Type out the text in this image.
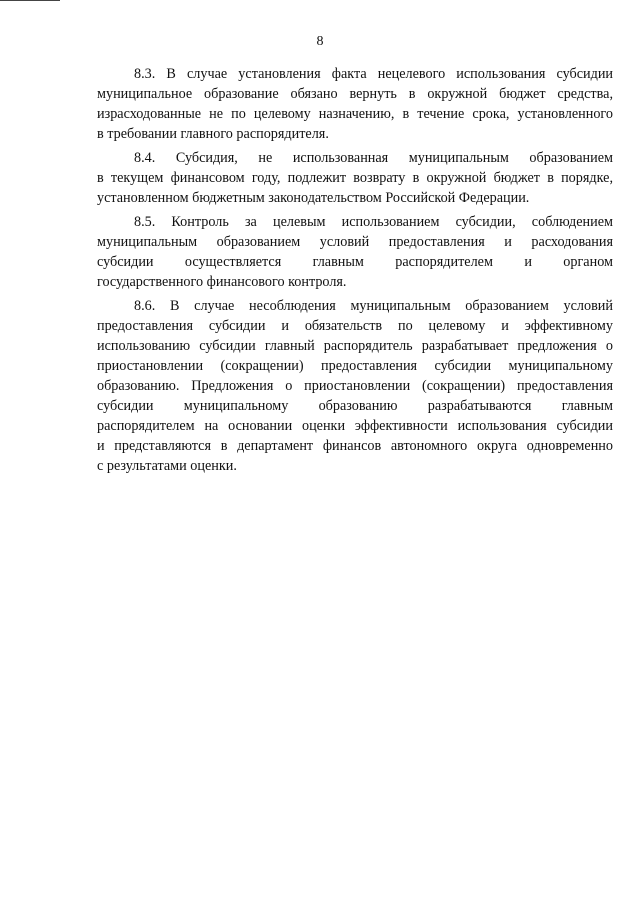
8
8.3. В случае установления факта нецелевого использования субсидии
муниципальное образование обязано вернуть в окружной бюджет средства,
израсходованные не по целевому назначению, в течение срока, установленного
в требовании главного распорядителя.
8.4. Субсидия, не использованная муниципальным образованием
в текущем финансовом году, подлежит возврату в окружной бюджет в порядке,
установленном бюджетным законодательством Российской Федерации.
8.5. Контроль за целевым использованием субсидии, соблюдением
муниципальным образованием условий предоставления и расходования
субсидии осуществляется главным распорядителем и органом
государственного финансового контроля.
8.6. В случае несоблюдения муниципальным образованием условий
предоставления субсидии и обязательств по целевому и эффективному
использованию субсидии главный распорядитель разрабатывает предложения о
приостановлении (сокращении) предоставления субсидии муниципальному
образованию. Предложения о приостановлении (сокращении) предоставления
субсидии муниципальному образованию разрабатываются главным
распорядителем на основании оценки эффективности использования субсидии
и представляются в департамент финансов автономного округа одновременно
с результатами оценки.
